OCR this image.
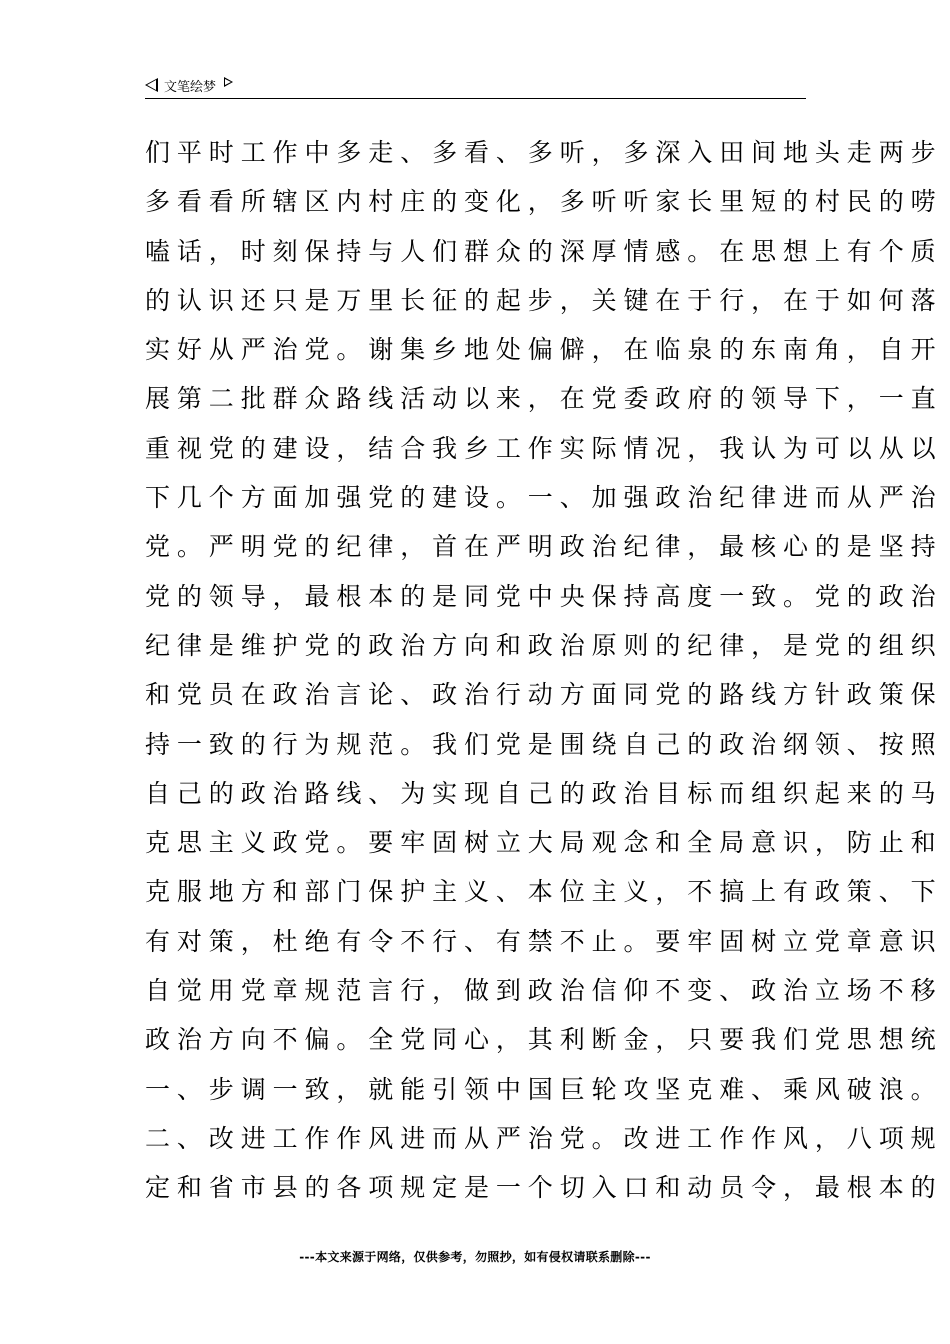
文笔绘梦
们平时工作中多走、多看、多听，多深入田间地头走两步
多看看所辖区内村庄的变化，多听听家长里短的村民的唠
嗑话，时刻保持与人们群众的深厚情感。在思想上有个质
的认识还只是万里长征的起步，关键在于行，在于如何落
实好从严治党。谢集乡地处偏僻，在临泉的东南角，自开
展第二批群众路线活动以来，在党委政府的领导下，一直
重视党的建设，结合我乡工作实际情况，我认为可以从以
下几个方面加强党的建设。一、加强政治纪律进而从严治
党。严明党的纪律，首在严明政治纪律，最核心的是坚持
党的领导，最根本的是同党中央保持高度一致。党的政治
纪律是维护党的政治方向和政治原则的纪律，是党的组织
和党员在政治言论、政治行动方面同党的路线方针政策保
持一致的行为规范。我们党是围绕自己的政治纲领、按照
自己的政治路线、为实现自己的政治目标而组织起来的马
克思主义政党。要牢固树立大局观念和全局意识，防止和
克服地方和部门保护主义、本位主义，不搞上有政策、下
有对策，杜绝有令不行、有禁不止。要牢固树立党章意识
自觉用党章规范言行，做到政治信仰不变、政治立场不移
政治方向不偏。全党同心，其利断金，只要我们党思想统
一、步调一致，就能引领中国巨轮攻坚克难、乘风破浪。
二、改进工作作风进而从严治党。改进工作作风，八项规
定和省市县的各项规定是一个切入口和动员令，最根本的
---本文来源于网络，仅供参考，勿照抄，如有侵权请联系删除---
